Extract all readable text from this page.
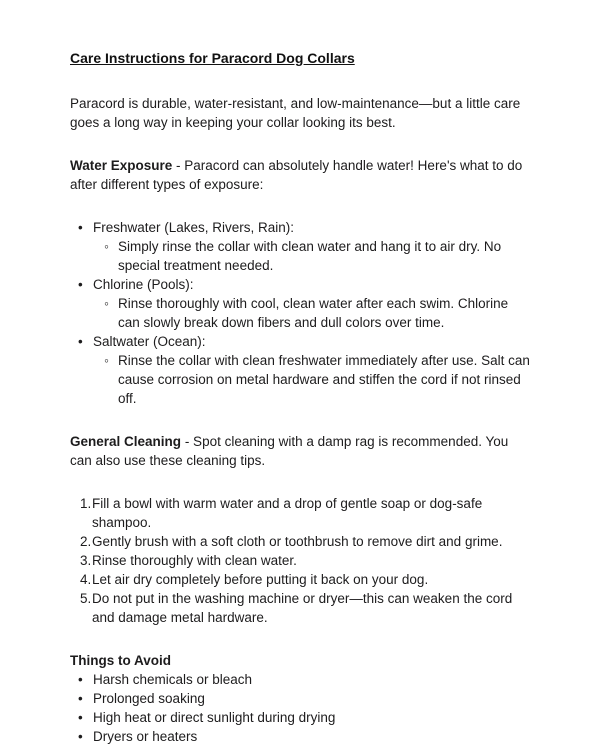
Care Instructions for Paracord Dog Collars

Paracord is durable, water-resistant, and low-maintenance—but a little care goes a long way in keeping your collar looking its best.

Water Exposure - Paracord can absolutely handle water! Here's what to do after different types of exposure:

•
Freshwater (Lakes, Rivers, Rain):
◦
Simply rinse the collar with clean water and hang it to air dry. No special treatment needed.
•
Chlorine (Pools):
◦
Rinse thoroughly with cool, clean water after each swim. Chlorine can slowly break down fibers and dull colors over time.
•
Saltwater (Ocean):
◦
Rinse the collar with clean freshwater immediately after use. Salt can cause corrosion on metal hardware and stiffen the cord if not rinsed off.

General Cleaning - Spot cleaning with a damp rag is recommended. You can also use these cleaning tips.

1. Fill a bowl with warm water and a drop of gentle soap or dog-safe shampoo.
2. Gently brush with a soft cloth or toothbrush to remove dirt and grime.
3. Rinse thoroughly with clean water.
4. Let air dry completely before putting it back on your dog.
5. Do not put in the washing machine or dryer—this can weaken the cord and damage metal hardware.

Things to Avoid

•
Harsh chemicals or bleach
•
Prolonged soaking
•
High heat or direct sunlight during drying
•
Dryers or heaters
